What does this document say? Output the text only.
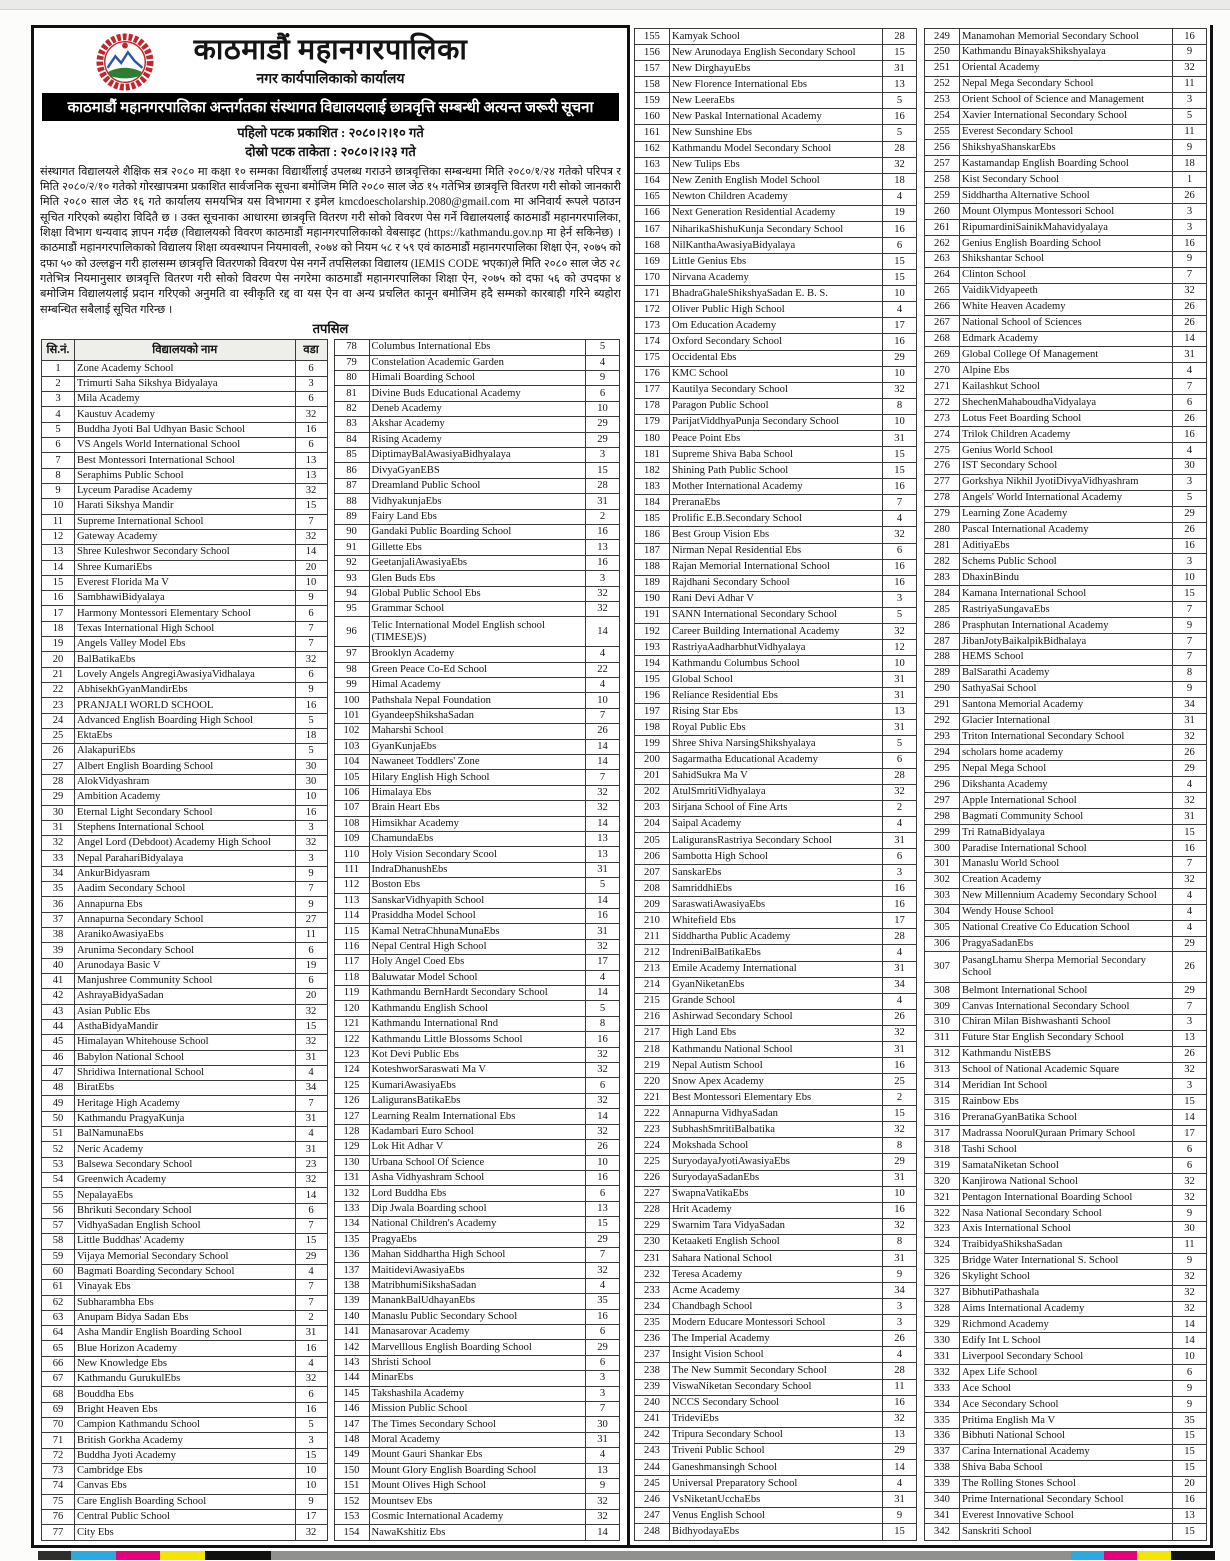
काठमाडौं महानगरपालिका
नगर कार्यपालिकाको कार्यालय
काठमाडौं महानगरपालिका अन्तर्गतका संस्थागत विद्यालयलाई छात्रवृत्ति सम्बन्धी अत्यन्त जरूरी सूचना
पहिलो पटक प्रकाशित : २०८०।२।१० गते
दोस्रो पटक ताकेता : २०८०।२।२३ गते
संस्थागत विद्यालयले शैक्षिक सत्र २०८० मा कक्षा १० सम्मका विद्यार्थीलाई उपलब्ध गराउने छात्रवृत्तिका सम्बन्धमा मिति २०८०/१/२४ गतेको परिपत्र र मिति २०८०/२/१० गतेको गोरखापत्रमा प्रकाशित सार्वजनिक सूचना बमोजिम मिति २०८० साल जेठ १५ गतेभित्र छात्रवृत्ति वितरण गरी सोको जानकारी मिति २०८० साल जेठ १६ गते कार्यालय समयभित्र यस विभागमा र इमेल kmcdoescholarship.2080@gmail.com मा अनिवार्य रूपले पठाउन सूचित गरिएको ब्यहोरा विदितै छ । उक्त सूचनाका आधारमा छात्रवृत्ति वितरण गरी सोको विवरण पेस गर्ने विद्यालयलाई काठमाडौं महानगरपालिका, शिक्षा विभाग धन्यवाद ज्ञापन गर्दछ (विद्यालयको विवरण काठमाडौं महानगरपालिकाको वेबसाइट (https://kathmandu.gov.np मा हेर्न सकिनेछ) । काठमाडौं महानगरपालिकाको विद्यालय शिक्षा व्यवस्थापन नियमावली, २०७४ को नियम ५८ र ५९ एवं काठमाडौं महानगरपालिका शिक्षा ऐन, २०७५ को दफा ५० को उल्लङ्घन गरी हालसम्म छात्रवृत्ति वितरणको विवरण पेस नगर्ने तपसिलका विद्यालय (IEMIS CODE भएका)ले मिति २०८० साल जेठ २८ गतेभित्र नियमानुसार छात्रवृत्ति वितरण गरी सोको विवरण पेस नगरेमा काठमाडौं महानगरपालिका शिक्षा ऐन, २०७५ को दफा ५६ को उपदफा ४ बमोजिम विद्यालयलाई प्रदान गरिएको अनुमति वा स्वीकृति रद्द वा यस ऐन वा अन्य प्रचलित कानून बमोजिम हदै सम्मको कारबाही गरिने ब्यहोरा सम्बन्धित सबैलाई सूचित गरिन्छ ।
तपसिल
सि.नं.	विद्यालयको नाम	वडा
1	Zone Academy School	6
2	Trimurti Saha Sikshya Bidyalaya	3
3	Mila Academy	6
4	Kaustuv Academy	32
5	Buddha Jyoti Bal Udhyan Basic School	16
6	VS Angels World International School	6
7	Best Montessori International School	13
8	Seraphims Public School	13
9	Lyceum Paradise Academy	32
10	Harati Sikshya Mandir	15
11	Supreme International School	7
12	Gateway Academy	32
13	Shree Kuleshwor Secondary School	14
14	Shree KumariEbs	20
15	Everest Florida Ma V	10
16	SambhawiBidyalaya	9
17	Harmony Montessori Elementary School	6
18	Texas International High School	7
19	Angels Valley Model Ebs	7
20	BalBatikaEbs	32
21	Lovely Angels AngregiAwasiyaVidhalaya	6
22	AbhisekhGyanMandirEbs	9
23	PRANJALI WORLD SCHOOL	16
24	Advanced English Boarding High School	5
25	EktaEbs	18
26	AlakapuriEbs	5
27	Albert English Boarding School	30
28	AlokVidyashram	30
29	Ambition Academy	10
30	Eternal Light Secondary School	16
31	Stephens International School	3
32	Angel Lord (Debdoot) Academy High School	32
33	Nepal ParahariBidyalaya	3
34	AnkurBidyasram	9
35	Aadim Secondary School	7
36	Annapurna Ebs	9
37	Annapurna Secondary School	27
38	AranikoAwasiyaEbs	11
39	Arunima Secondary School	6
40	Arunodaya Basic V	19
41	Manjushree Community School	6
42	AshrayaBidyaSadan	20
43	Asian Public Ebs	32
44	AsthaBidyaMandir	15
45	Himalayan Whitehouse School	32
46	Babylon National School	31
47	Shridiwa International School	4
48	BiratEbs	34
49	Heritage High Academy	7
50	Kathmandu PragyaKunja	31
51	BalNamunaEbs	4
52	Neric Academy	31
53	Balsewa Secondary School	23
54	Greenwich Academy	32
55	NepalayaEbs	14
56	Bhrikuti Secondary School	6
57	VidhyaSadan English School	7
58	Little Buddhas' Academy	15
59	Vijaya Memorial Secondary School	29
60	Bagmati Boarding Secondary School	4
61	Vinayak Ebs	7
62	Subharambha Ebs	7
63	Anupam Bidya Sadan Ebs	2
64	Asha Mandir English Boarding School	31
65	Blue Horizon Academy	16
66	New Knowledge Ebs	4
67	Kathmandu GurukulEbs	32
68	Bouddha Ebs	6
69	Bright Heaven Ebs	16
70	Campion Kathmandu School	5
71	British Gorkha Academy	3
72	Buddha Jyoti Academy	15
73	Cambridge Ebs	10
74	Canvas Ebs	10
75	Care English Boarding School	9
76	Central Public School	17
77	City Ebs	32
78	Columbus International Ebs	5
79	Constelation Academic Garden	4
80	Himali Boarding School	9
81	Divine Buds Educational Academy	6
82	Deneb Academy	10
83	Akshar Academy	29
84	Rising Academy	29
85	DiptimayBalAwasiyaBidhyalaya	3
86	DivyaGyanEBS	15
87	Dreamland Public School	28
88	VidhyakunjaEbs	31
89	Fairy Land Ebs	2
90	Gandaki Public Boarding School	16
91	Gillette Ebs	13
92	GeetanjaliAwasiyaEbs	16
93	Glen Buds Ebs	3
94	Global Public School Ebs	32
95	Grammar School	32
96	Telic International Model English school (TIMESE)S)	14
97	Brooklyn Academy	4
98	Green Peace Co-Ed School	22
99	Himal Academy	4
100	Pathshala Nepal Foundation	10
101	GyandeepShikshaSadan	7
102	Maharshi School	26
103	GyanKunjaEbs	14
104	Nawaneet Toddlers' Zone	14
105	Hilary English High School	7
106	Himalaya Ebs	32
107	Brain Heart Ebs	32
108	Himsikhar Academy	14
109	ChamundaEbs	13
110	Holy Vision Secondary Scool	13
111	IndraDhanushEbs	31
112	Boston Ebs	5
113	SanskarVidhyapith School	14
114	Prasiddha Model School	16
115	Kamal NetraChhunaMunaEbs	31
116	Nepal Central High School	32
117	Holy Angel Coed Ebs	17
118	Baluwatar Model School	4
119	Kathmandu BernHardt Secondary School	14
120	Kathmandu English School	5
121	Kathmandu International Rnd	8
122	Kathmandu Little Blossoms School	16
123	Kot Devi Public Ebs	32
124	KoteshworSaraswati Ma V	32
125	KumariAwasiyaEbs	6
126	LaliguransBatikaEbs	32
127	Learning Realm International Ebs	14
128	Kadambari Euro School	32
129	Lok Hit Adhar V	26
130	Urbana School Of Science	10
131	Asha Vidhyashram School	16
132	Lord Buddha Ebs	6
133	Dip Jwala Boarding school	13
134	National Children's Academy	15
135	PragyaEbs	29
136	Mahan Siddhartha High School	7
137	MaitideviAwasiyaEbs	32
138	MatribhumiSikshaSadan	4
139	ManankBalUdhayanEbs	35
140	Manaslu Public Secondary School	16
141	Manasarovar Academy	6
142	Marvelllous English Boarding School	29
143	Shristi School	6
144	MinarEbs	3
145	Takshashila Academy	3
146	Mission Public School	7
147	The Times Secondary School	30
148	Moral Academy	31
149	Mount Gauri Shankar Ebs	4
150	Mount Glory English Boarding School	13
151	Mount Olives High School	9
152	Mountsev Ebs	32
153	Cosmic International Academy	32
154	NawaKshitiz Ebs	14
155	Kamyak School	28
156	New Arunodaya English Secondary School	15
157	New DirghayuEbs	31
158	New Florence International Ebs	13
159	New LeeraEbs	5
160	New Paskal International Academy	16
161	New Sunshine Ebs	5
162	Kathmandu Model Secondary School	28
163	New Tulips Ebs	32
164	New Zenith English Model School	18
165	Newton Children Academy	4
166	Next Generation Residential Academy	19
167	NiharikaShishuKunja Secondary School	16
168	NilKanthaAwasiyaBidyalaya	6
169	Little Genius Ebs	15
170	Nirvana Academy	15
171	BhadraGhaleShikshyaSadan E. B. S.	10
172	Oliver Public High School	4
173	Om Education Academy	17
174	Oxford Secondary School	16
175	Occidental Ebs	29
176	KMC School	10
177	Kautilya Secondary School	32
178	Paragon Public School	8
179	ParijatViddhyaPunja Secondary School	10
180	Peace Point Ebs	31
181	Supreme Shiva Baba School	15
182	Shining Path Public School	15
183	Mother International Academy	16
184	PreranaEbs	7
185	Prolific E.B.Secondary School	4
186	Best Group Vision Ebs	32
187	Nirman Nepal Residential Ebs	6
188	Rajan Memorial International School	16
189	Rajdhani Secondary School	16
190	Rani Devi Adhar V	3
191	SANN International Secondary School	5
192	Career Building International Academy	32
193	RastriyaAadharbhutVidhyalaya	12
194	Kathmandu Columbus School	10
195	Global School	31
196	Reliance Residential Ebs	31
197	Rising Star Ebs	13
198	Royal Public Ebs	31
199	Shree Shiva NarsingShikshyalaya	5
200	Sagarmatha Educational Academy	6
201	SahidSukra Ma V	28
202	AtulSmritiVidhyalaya	32
203	Sirjana School of Fine Arts	2
204	Saipal Academy	4
205	LaliguransRastriya Secondary School	31
206	Sambotta High School	6
207	SanskarEbs	3
208	SamriddhiEbs	16
209	SaraswatiAwasiyaEbs	16
210	Whitefield Ebs	17
211	Siddhartha Public Academy	28
212	IndreniBalBatikaEbs	4
213	Emile Academy International	31
214	GyanNiketanEbs	34
215	Grande School	4
216	Ashirwad Secondary School	26
217	High Land Ebs	32
218	Kathmandu National School	31
219	Nepal Autism School	16
220	Snow Apex Academy	25
221	Best Montessori Elementary Ebs	2
222	Annapurna VidhyaSadan	15
223	SubhashSmritiBalbatika	32
224	Mokshada School	8
225	SuryodayaJyotiAwasiyaEbs	29
226	SuryodayaSadanEbs	31
227	SwapnaVatikaEbs	10
228	Hrit Academy	16
229	Swarnim Tara VidyaSadan	32
230	Ketaaketi English School	8
231	Sahara National School	31
232	Teresa Academy	9
233	Acme Academy	34
234	Chandbagh School	3
235	Modern Educare Montessori School	3
236	The Imperial Academy	26
237	Insight Vision School	4
238	The New Summit Secondary School	28
239	ViswaNiketan Secondary School	11
240	NCCS Secondary School	16
241	TrideviEbs	32
242	Tripura Secondary School	13
243	Triveni Public School	29
244	Ganeshmansingh School	14
245	Universal Preparatory School	4
246	VsNiketanUcchaEbs	31
247	Venus English School	9
248	BidhyodayaEbs	15
249	Manamohan Memorial Secondary School	16
250	Kathmandu BinayakShikshyalaya	9
251	Oriental Academy	32
252	Nepal Mega Secondary School	11
253	Orient School of Science and Management	3
254	Xavier International Secondary School	5
255	Everest Secondary School	11
256	ShikshyaShanskarEbs	9
257	Kastamandap English Boarding School	18
258	Kist Secondary School	1
259	Siddhartha Alternative School	26
260	Mount Olympus Montessori School	3
261	RipumardiniSainikMahavidyalaya	3
262	Genius English Boarding School	16
263	Shikshantar School	9
264	Clinton School	7
265	VaidikVidyapeeth	32
266	White Heaven Academy	26
267	National School of Sciences	26
268	Edmark Academy	14
269	Global College Of Management	31
270	Alpine Ebs	4
271	Kailashkut School	7
272	ShechenMahaboudhaVidyalaya	6
273	Lotus Feet Boarding School	26
274	Trilok Children Academy	16
275	Genius World School	4
276	IST Secondary School	30
277	Gorkshya Nikhil JyotiDivyaVidhyashram	3
278	Angels' World International Academy	5
279	Learning Zone Academy	29
280	Pascal International Academy	26
281	AditiyaEbs	16
282	Schems Public School	3
283	DhaxinBindu	10
284	Kamana International School	15
285	RastriyaSungavaEbs	7
286	Prasphutan International Academy	9
287	JibanJotyBaikalpikBidhalaya	7
288	HEMS School	7
289	BalSarathi Academy	8
290	SathyaSai School	9
291	Santona Memorial Academy	34
292	Glacier International	31
293	Triton International Secondary School	32
294	scholars home academy	26
295	Nepal Mega School	29
296	Dikshanta Academy	4
297	Apple International School	32
298	Bagmati Community School	31
299	Tri RatnaBidyalaya	15
300	Paradise International School	16
301	Manaslu World School	7
302	Creation Academy	32
303	New Millennium Academy Secondary School	4
304	Wendy House School	4
305	National Creative Co Education School	4
306	PragyaSadanEbs	29
307	PasangLhamu Sherpa Memorial Secondary School	26
308	Belmont International School	29
309	Canvas International Secondary School	7
310	Chiran Milan Bishwashanti School	3
311	Future Star English Secondary School	13
312	Kathmandu NistEBS	26
313	School of National Academic Square	32
314	Meridian Int School	3
315	Rainbow Ebs	15
316	PreranaGyanBatika School	14
317	Madrassa NoorulQuraan Primary School	17
318	Tashi School	6
319	SamataNiketan School	6
320	Kanjirowa National School	32
321	Pentagon International Boarding School	32
322	Nasa National Secondary School	9
323	Axis International School	30
324	TraibidyaShikshaSadan	11
325	Bridge Water International S. School	9
326	Skylight School	32
327	BibhutiPathashala	32
328	Aims International Academy	32
329	Richmond Academy	14
330	Edify Int L School	14
331	Liverpool Secondary School	10
332	Apex Life School	6
333	Ace School	9
334	Ace Secondary School	9
335	Pritima English Ma V	35
336	Bibhuti National School	15
337	Carina International Academy	15
338	Shiva Baba School	15
339	The Rolling Stones School	20
340	Prime International Secondary School	16
341	Everest Innovative School	13
342	Sanskriti School	15
